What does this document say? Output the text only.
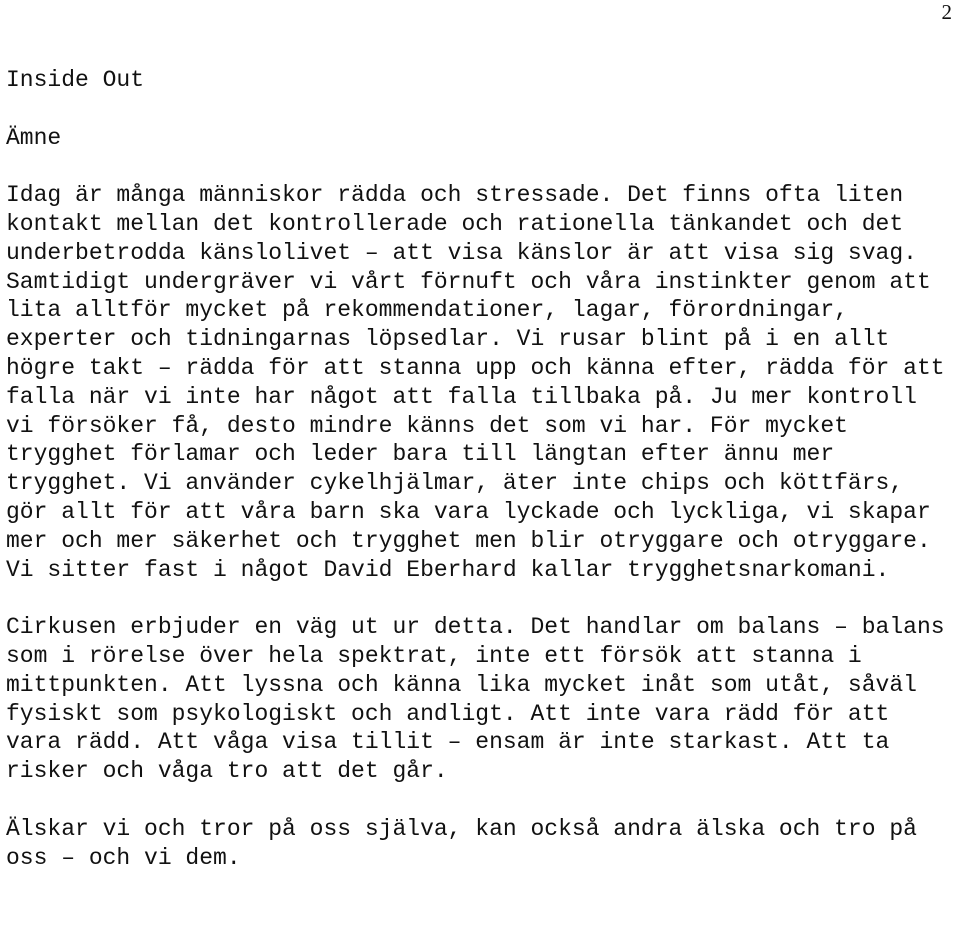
2

Inside Out

Ämne

Idag är många människor rädda och stressade. Det finns ofta liten kontakt mellan det kontrollerade och rationella tänkandet och det underbetrodda känslolivet – att visa känslor är att visa sig svag. Samtidigt undergräver vi vårt förnuft och våra instinkter genom att lita alltför mycket på rekommendationer, lagar, förordningar, experter och tidningarnas löpsedlar. Vi rusar blint på i en allt högre takt – rädda för att stanna upp och känna efter, rädda för att falla när vi inte har något att falla tillbaka på. Ju mer kontroll vi försöker få, desto mindre känns det som vi har. För mycket trygghet förlamar och leder bara till längtan efter ännu mer trygghet. Vi använder cykelhjälmar, äter inte chips och köttfärs, gör allt för att våra barn ska vara lyckade och lyckliga, vi skapar mer och mer säkerhet och trygghet men blir otryggare och otryggare. Vi sitter fast i något David Eberhard kallar trygghetsnarkomani.

Cirkusen erbjuder en väg ut ur detta. Det handlar om balans – balans som i rörelse över hela spektrat, inte ett försök att stanna i mittpunkten. Att lyssna och känna lika mycket inåt som utåt, såväl fysiskt som psykologiskt och andligt. Att inte vara rädd för att vara rädd. Att våga visa tillit – ensam är inte starkast. Att ta risker och våga tro att det går.

Älskar vi och tror på oss själva, kan också andra älska och tro på oss – och vi dem.
